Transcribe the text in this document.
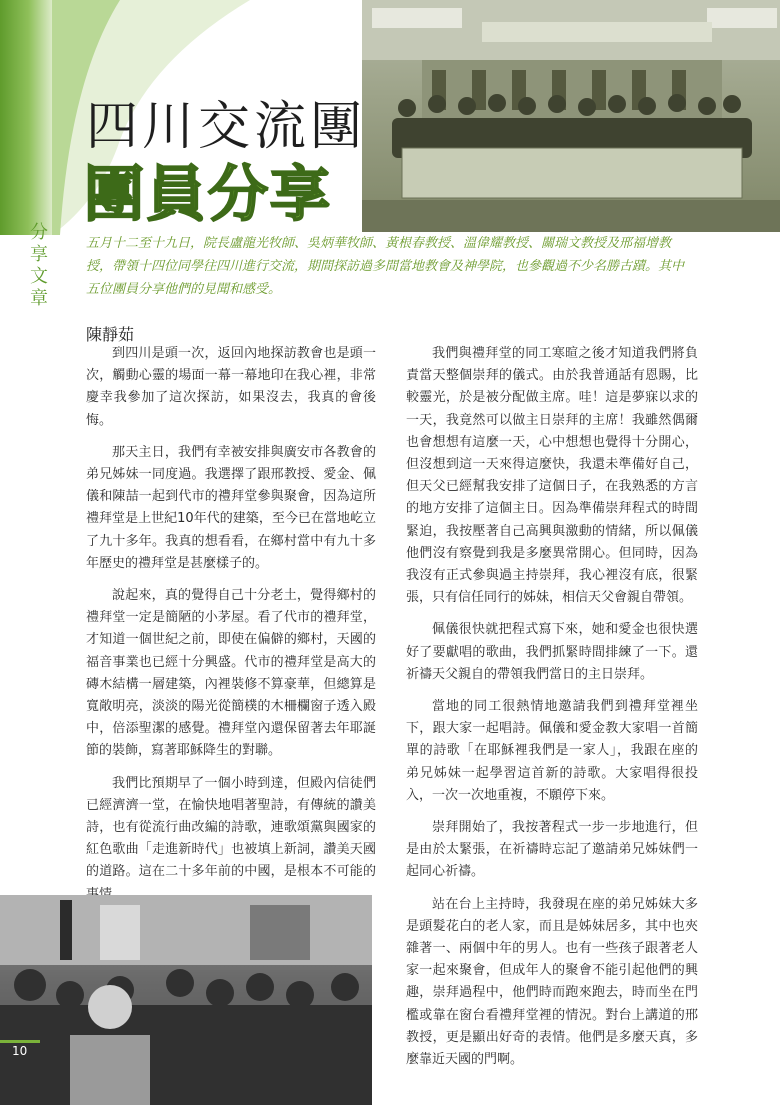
四川交流團
團員分享
分享文章
五月十二至十九日，院長盧龍光牧師、吳炳華牧師、黃根春教授、溫偉耀教授、關瑞文教授及邢福增教授，帶領十四位同學往四川進行交流，期間探訪過多間當地教會及神學院，也參觀過不少名勝古蹟。其中五位團員分享他們的見聞和感受。
陳靜茹

到四川是頭一次，返回內地探訪教會也是頭一次，觸動心靈的場面一幕一幕地印在我心裡，非常慶幸我參加了這次探訪，如果沒去，我真的會後悔。

那天主日，我們有幸被安排與廣安市各教會的弟兄姊妹一同度過。我選擇了跟邢教授、愛金、佩儀和陳喆一起到代市的禮拜堂參與聚會，因為這所禮拜堂是上世紀10年代的建築，至今已在當地屹立了九十多年。我真的想看看，在鄉村當中有九十多年歷史的禮拜堂是甚麼樣子的。

說起來，真的覺得自己十分老土，覺得鄉村的禮拜堂一定是簡陋的小茅屋。看了代市的禮拜堂，才知道一個世紀之前，即使在偏僻的鄉村，天國的福音事業也已經十分興盛。代市的禮拜堂是高大的磚木結構一層建築，內裡裝修不算豪華，但總算是寬敞明亮，淡淡的陽光從簡樸的木柵欄窗子透入殿中，倍添聖潔的感覺。禮拜堂內還保留著去年耶誕節的裝飾，寫著耶穌降生的對聯。

我們比預期早了一個小時到達，但殿內信徒們已經濟濟一堂，在愉快地唱著聖詩，有傳統的讚美詩，也有從流行曲改編的詩歌，連歌頌黨與國家的紅色歌曲「走進新時代」也被填上新詞，讚美天國的道路。這在二十多年前的中國，是根本不可能的

我們與禮拜堂的同工寒暄之後才知道我們將負責當天整個崇拜的儀式。由於我普通話有恩賜，比較靈光，於是被分配做主席。哇！這是夢寐以求的一天，我竟然可以做主日崇拜的主席！我雖然偶爾也會想想有這麼一天，心中想想也覺得十分開心，但沒想到這一天來得這麼快，我還未準備好自己，但天父已經幫我安排了這個日子，在我熟悉的方言的地方安排了這個主日。因為準備崇拜程式的時間緊迫，我按壓著自己高興與激動的情緒，所以佩儀他們沒有察覺到我是多麼異常開心。但同時，因為我沒有正式參與過主持崇拜，我心裡沒有底，很緊張，只有信任同行的姊妹，相信天父會親自帶領。

佩儀很快就把程式寫下來，她和愛金也很快選好了要獻唱的歌曲，我們抓緊時間排練了一下。還祈禱天父親自的帶領我們當日的主日崇拜。

當地的同工很熱情地邀請我們到禮拜堂裡坐下，跟大家一起唱詩。佩儀和愛金教大家唱一首簡單的詩歌「在耶穌裡我們是一家人」，我跟在座的弟兄姊妹一起學習這首新的詩歌。大家唱得很投入，一次一次地重複，不願停下來。

崇拜開始了，我按著程式一步一步地進行，但是由於太緊張，在祈禱時忘記了邀請弟兄姊妹們一起同心祈禱。

站在台上主持時，我發現在座的弟兄姊妹大多是頭髮花白的老人家，而且是姊妹居多，其中也夾雜著一、兩個中年的男人。也有一些孩子跟著老人家一起來聚會，但成年人的聚會不能引起他們的興趣，崇拜過程中，他們時而跑來跑去，時而坐在門檻或靠在窗台看禮拜堂裡的情況。對台上講道的邢教授，更是顯出好奇的表情。他們是多麼天真，多麼靠近天國的門啊。

10
